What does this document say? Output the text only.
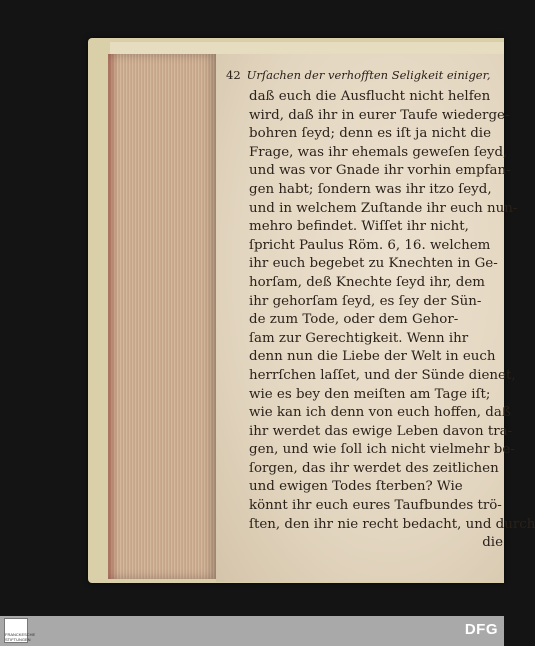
42 Urſachen der verhofften Seligkeit einiger,
daß euch die Ausflucht nicht helfen
wird, daß ihr in eurer Taufe wiederge-
bohren ſeyd; denn es iſt ja nicht die
Frage, was ihr ehemals geweſen ſeyd,
und was vor Gnade ihr vorhin empfan-
gen habt; ſondern was ihr itzo ſeyd,
und in welchem Zuſtande ihr euch nun-
mehro befindet. Wiſſet ihr nicht,
ſpricht Paulus Röm. 6, 16. welchem
ihr euch begebet zu Knechten in Ge-
horſam, deß Knechte ſeyd ihr, dem
ihr gehorſam ſeyd, es ſey der Sün-
de zum Tode, oder dem Gehor-
ſam zur Gerechtigkeit. Wenn ihr
denn nun die Liebe der Welt in euch
herrſchen laſſet, und der Sünde dienet,
wie es bey den meiſten am Tage iſt;
wie kan ich denn von euch hoffen, daß
ihr werdet das ewige Leben davon tra-
gen, und wie ſoll ich nicht vielmehr be-
ſorgen, das ihr werdet des zeitlichen
und ewigen Todes ſterben? Wie
könnt ihr euch eures Taufbundes trö-
ſten, den ihr nie recht bedacht, und durch
die
FRANCKESCHE STIFTUNGEN
DFG
